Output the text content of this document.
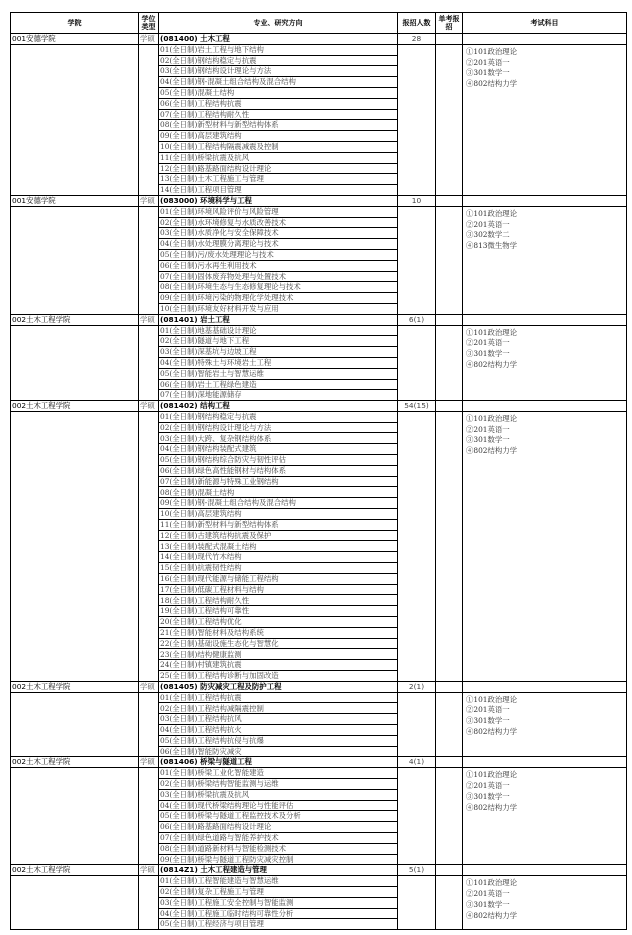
学院	学位类型	专业、研究方向	报招人数	单考报招	考试科目
001安德学院	学硕	(081400) 土木工程	28		
		01(全日制)岩土工程与地下结构			①101政治理论
②201英语一
③301数学一
④802结构力学

		02(全日制)钢结构稳定与抗震			
		03(全日制)钢结构设计理论与方法			
		04(全日制)钢-混凝土组合结构及混合结构			
		05(全日制)混凝土结构			
		06(全日制)工程结构抗震			
		07(全日制)工程结构耐久性			
		08(全日制)新型材料与新型结构体系			
		09(全日制)高层建筑结构			
		10(全日制)工程结构隔震减震及控制			
		11(全日制)桥梁抗震及抗风			
		12(全日制)路基路面结构设计理论			
		13(全日制)土木工程施工与管理			
		14(全日制)工程项目管理			
001安德学院	学硕	(083000) 环境科学与工程	10		
		01(全日制)环境风险评价与风险管理			①101政治理论
②201英语一
③302数学二
④813微生物学

		02(全日制)水环境修复与水质改善技术			
		03(全日制)水质净化与安全保障技术			
		04(全日制)水处理膜分离理论与技术			
		05(全日制)污/废水处理理论与技术			
		06(全日制)污水再生利用技术			
		07(全日制)固体废弃物处理与处置技术			
		08(全日制)环境生态与生态修复理论与技术			
		09(全日制)环境污染的物理化学处理技术			
		10(全日制)环境友好材料开发与应用			
002土木工程学院	学硕	(081401) 岩土工程	6(1)		
		01(全日制)地基基础设计理论			①101政治理论
②201英语一
③301数学一
④802结构力学

		02(全日制)隧道与地下工程			
		03(全日制)深基坑与边坡工程			
		04(全日制)特殊土与环境岩土工程			
		05(全日制)智能岩土与智慧运维			
		06(全日制)岩土工程绿色建造			
		07(全日制)深地能源储存			
002土木工程学院	学硕	(081402) 结构工程	54(15)		
		01(全日制)钢结构稳定与抗震			①101政治理论
②201英语一
③301数学一
④802结构力学

		02(全日制)钢结构设计理论与方法			
		03(全日制)大跨、复杂钢结构体系			
		04(全日制)钢结构装配式建筑			
		05(全日制)钢结构综合防灾与韧性评估			
		06(全日制)绿色高性能钢材与结构体系			
		07(全日制)新能源与特殊工业钢结构			
		08(全日制)混凝土结构			
		09(全日制)钢-混凝土组合结构及混合结构			
		10(全日制)高层建筑结构			
		11(全日制)新型材料与新型结构体系			
		12(全日制)古建筑结构抗震及保护			
		13(全日制)装配式混凝土结构			
		14(全日制)现代竹木结构			
		15(全日制)抗震韧性结构			
		16(全日制)现代能源与储能工程结构			
		17(全日制)低碳工程材料与结构			
		18(全日制)工程结构耐久性			
		19(全日制)工程结构可靠性			
		20(全日制)工程结构优化			
		21(全日制)智能材料及结构系统			
		22(全日制)基础设施生态化与智慧化			
		23(全日制)结构健康监测			
		24(全日制)村镇建筑抗震			
		25(全日制)工程结构诊断与加固改造			
002土木工程学院	学硕	(081405) 防灾减灾工程及防护工程	2(1)		
		01(全日制)工程结构抗震			①101政治理论
②201英语一
③301数学一
④802结构力学

		02(全日制)工程结构减隔震控制			
		03(全日制)工程结构抗风			
		04(全日制)工程结构抗火			
		05(全日制)工程结构抗侵与抗爆			
		06(全日制)智能防灾减灾			
002土木工程学院	学硕	(081406) 桥梁与隧道工程	4(1)		
		01(全日制)桥梁工业化智能建造			①101政治理论
②201英语一
③301数学一
④802结构力学

		02(全日制)桥梁结构智能监测与运维			
		03(全日制)桥梁抗震及抗风			
		04(全日制)现代桥梁结构理论与性能评估			
		05(全日制)桥梁与隧道工程监控技术及分析			
		06(全日制)路基路面结构设计理论			
		07(全日制)绿色道路与智能养护技术			
		08(全日制)道路新材料与智能检测技术			
		09(全日制)桥梁与隧道工程防灾减灾控制			
002土木工程学院	学硕	(0814Z1) 土木工程建造与管理	5(1)		
		01(全日制)工程智能建造与智慧运维			①101政治理论
②201英语一
③301数学一
④802结构力学

		02(全日制)复杂工程施工与管理			
		03(全日制)工程施工安全控制与智能监测			
		04(全日制)工程施工临时结构可靠性分析			
		05(全日制)工程经济与项目管理			
